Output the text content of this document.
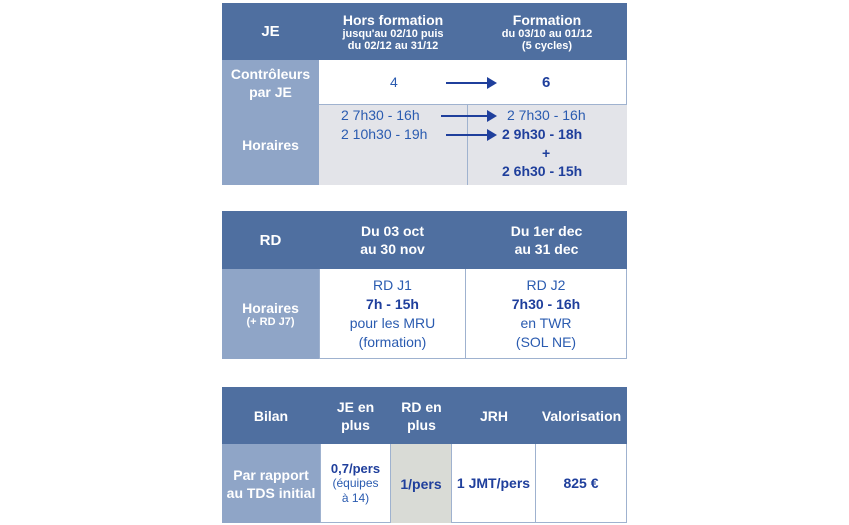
JE
Hors formation
jusqu'au 02/10 puis
du 02/12 au 31/12
Formation
du 03/10 au 01/12
(5 cycles)
Contrôleurs
par JE
4	6
Horaires
2 7h30 - 16h
2 10h30 - 19h
2 7h30 - 16h
2 9h30 - 18h
+
2 6h30 - 15h
RD
Du 03 oct
au 30 nov
Du 1er dec
au 31 dec
Horaires
(+ RD J7)
RD J1
7h - 15h
pour les MRU
(formation)
RD J2
7h30 - 16h
en TWR
(SOL NE)
Bilan
JE en
plus
RD en
plus
JRH Valorisation
Par rapport
au TDS initial
0,7/pers
(équipes
à 14)
1/pers 1 JMT/pers 825 €
